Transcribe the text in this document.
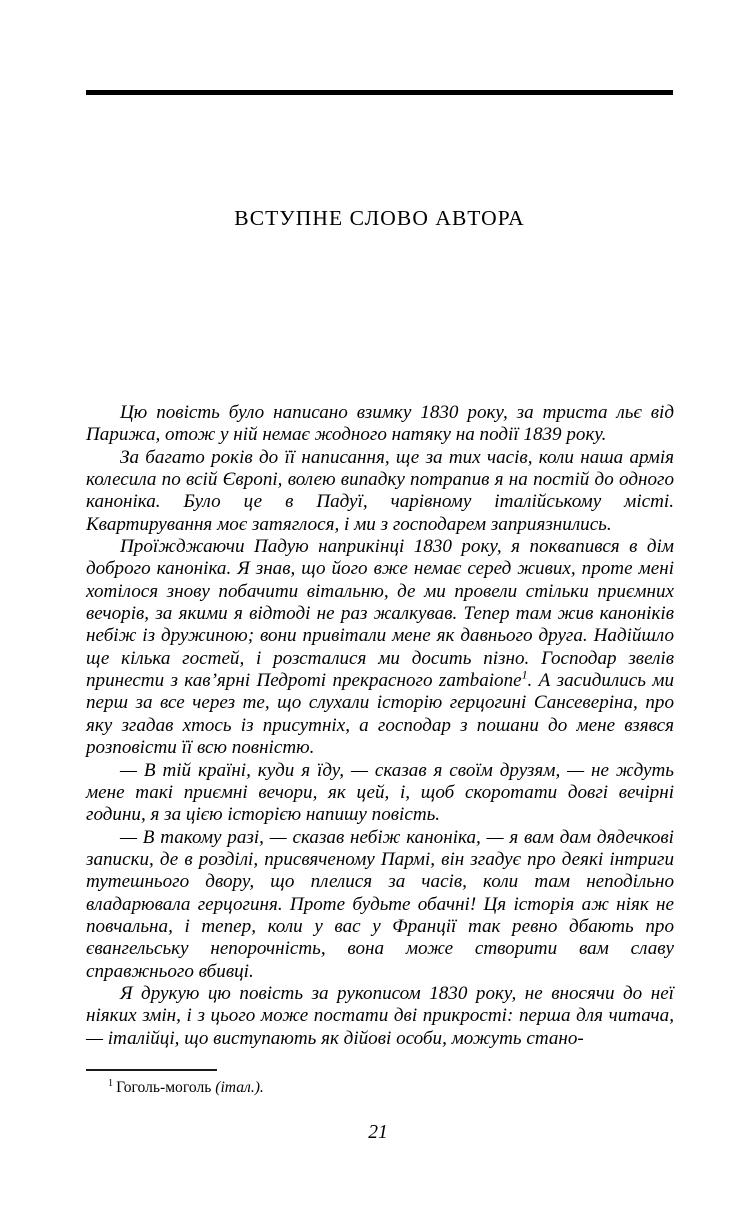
ВСТУПНЕ СЛОВО АВТОРА

Цю повість було написано взимку 1830 року, за триста льє від Парижа, отож у ній немає жодного натяку на події 1839 року.

За багато років до її написання, ще за тих часів, коли наша армія колесила по всій Європі, волею випадку потрапив я на постій до одного каноніка. Було це в Падуї, чарівному італійському місті. Квартирування моє затяглося, і ми з господарем заприязнились.

Проїжджаючи Падую наприкінці 1830 року, я поквапився в дім доброго каноніка. Я знав, що його вже немає серед живих, проте мені хотілося знову побачити вітальню, де ми провели стільки приємних вечорів, за якими я відтоді не раз жалкував. Тепер там жив каноніків небіж із дружиною; вони привітали мене як давнього друга. Надійшло ще кілька гостей, і розсталися ми досить пізно. Господар звелів принести з кав’ярні Педроті прекрасного zambaione$^1$. А засидились ми перш за все через те, що слухали історію герцогині Сансеверіна, про яку згадав хтось із присутніх, а господар з пошани до мене взявся розповісти її всю повністю.

— В тій країні, куди я їду, — сказав я своїм друзям, — не ждуть мене такі приємні вечори, як цей, і, щоб скоротати довгі вечірні години, я за цією історією напишу повість.

— В такому разі, — сказав небіж каноніка, — я вам дам дядечкові записки, де в розділі, присвяченому Пармі, він згадує про деякі інтриги тутешнього двору, що плелися за часів, коли там неподільно владарювала герцогиня. Проте будьте обачні! Ця історія аж ніяк не повчальна, і тепер, коли у вас у Франції так ревно дбають про євангельську непорочність, вона може створити вам славу справжнього вбивці.

Я друкую цю повість за рукописом 1830 року, не вносячи до неї ніяких змін, і з цього може постати дві прикрості: перша для читача, — італійці, що виступають як дійові особи, можуть стано-

$^1$ Гоголь-моголь (італ.).
21
